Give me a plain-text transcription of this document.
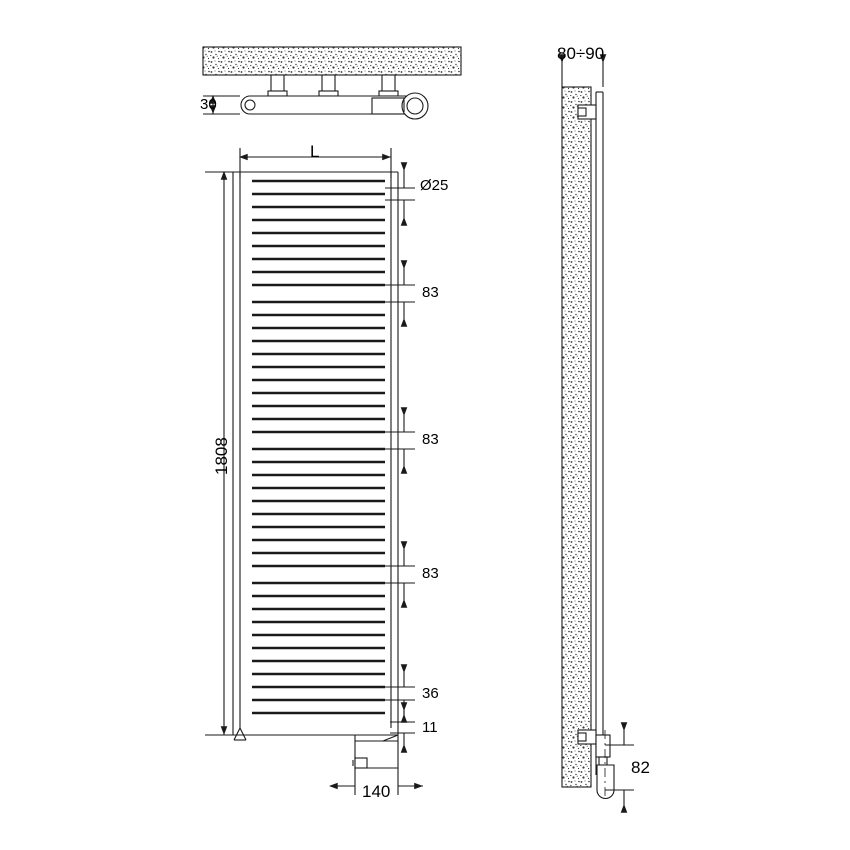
30
80÷90
L
Ø25
83
83
83
36
11
1808
140
82
